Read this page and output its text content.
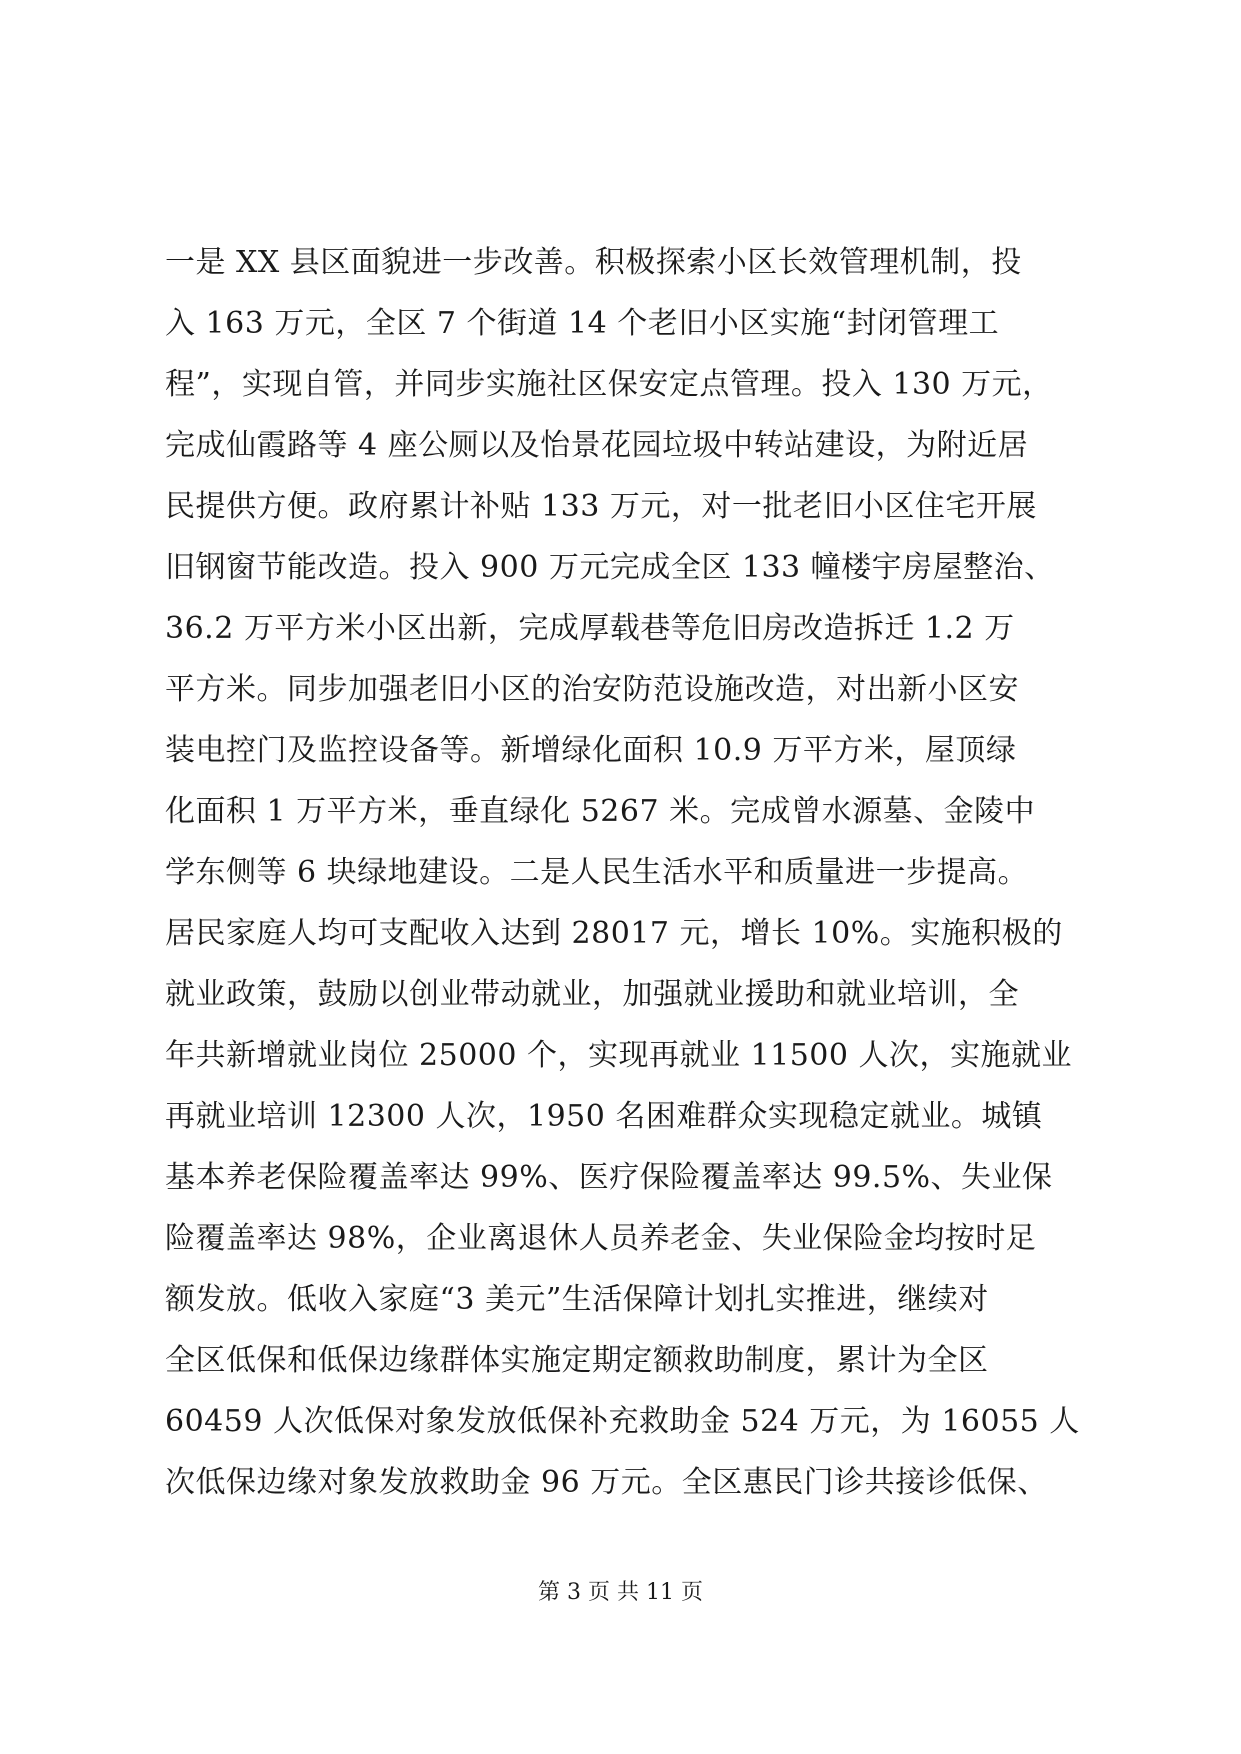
一是 XX 县区面貌进一步改善。积极探索小区长效管理机制，投
入 163 万元，全区 7 个街道 14 个老旧小区实施“封闭管理工
程”，实现自管，并同步实施社区保安定点管理。投入 130 万元，
完成仙霞路等 4 座公厕以及怡景花园垃圾中转站建设，为附近居
民提供方便。政府累计补贴 133 万元，对一批老旧小区住宅开展
旧钢窗节能改造。投入 900 万元完成全区 133 幢楼宇房屋整治、
36.2 万平方米小区出新，完成厚载巷等危旧房改造拆迁 1.2 万
平方米。同步加强老旧小区的治安防范设施改造，对出新小区安
装电控门及监控设备等。新增绿化面积 10.9 万平方米，屋顶绿
化面积 1 万平方米，垂直绿化 5267 米。完成曾水源墓、金陵中
学东侧等 6 块绿地建设。二是人民生活水平和质量进一步提高。
居民家庭人均可支配收入达到 28017 元，增长 10%。实施积极的
就业政策，鼓励以创业带动就业，加强就业援助和就业培训，全
年共新增就业岗位 25000 个，实现再就业 11500 人次，实施就业
再就业培训 12300 人次，1950 名困难群众实现稳定就业。城镇
基本养老保险覆盖率达 99%、医疗保险覆盖率达 99.5%、失业保
险覆盖率达 98%，企业离退休人员养老金、失业保险金均按时足
额发放。低收入家庭“3 美元”生活保障计划扎实推进，继续对
全区低保和低保边缘群体实施定期定额救助制度，累计为全区
60459 人次低保对象发放低保补充救助金 524 万元，为 16055 人
次低保边缘对象发放救助金 96 万元。全区惠民门诊共接诊低保、
第 3 页 共 11 页
